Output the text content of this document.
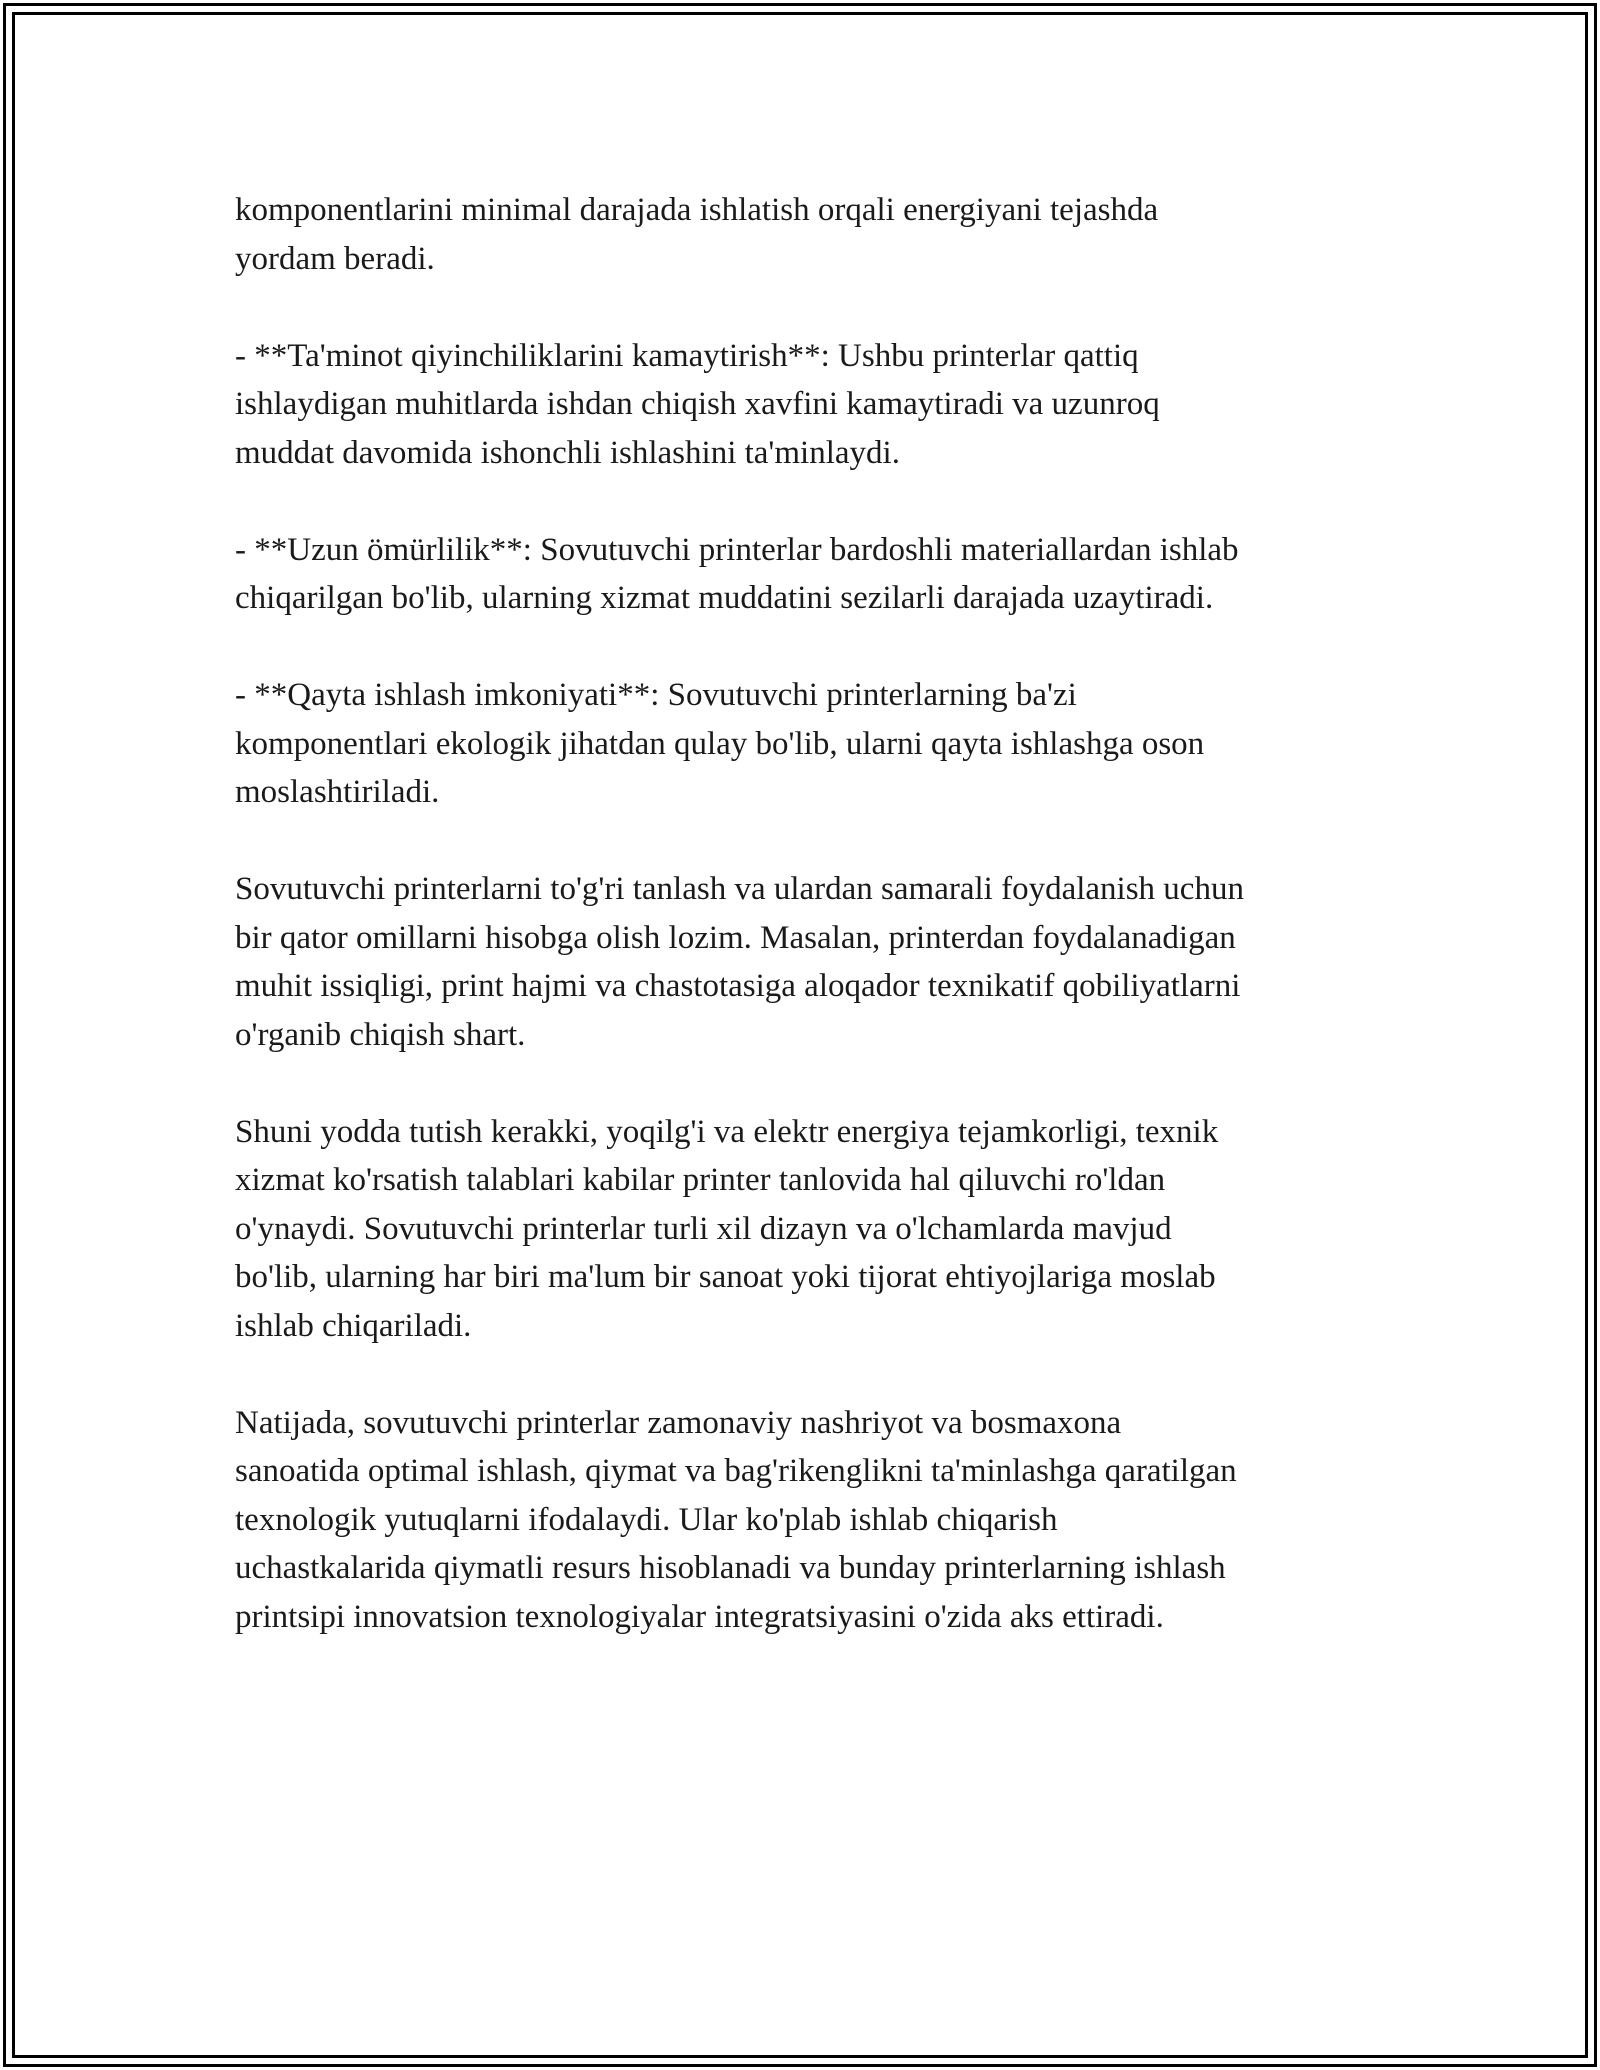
komponentlarini minimal darajada ishlatish orqali energiyani tejashda
yordam beradi.

- **Ta'minot qiyinchiliklarini kamaytirish**: Ushbu printerlar qattiq
ishlaydigan muhitlarda ishdan chiqish xavfini kamaytiradi va uzunroq
muddat davomida ishonchli ishlashini ta'minlaydi.

- **Uzun ömürlilik**: Sovutuvchi printerlar bardoshli materiallardan ishlab
chiqarilgan bo'lib, ularning xizmat muddatini sezilarli darajada uzaytiradi.

- **Qayta ishlash imkoniyati**: Sovutuvchi printerlarning ba'zi
komponentlari ekologik jihatdan qulay bo'lib, ularni qayta ishlashga oson
moslashtiriladi.

Sovutuvchi printerlarni to'g'ri tanlash va ulardan samarali foydalanish uchun
bir qator omillarni hisobga olish lozim. Masalan, printerdan foydalanadigan
muhit issiqligi, print hajmi va chastotasiga aloqador texnikatif qobiliyatlarni
o'rganib chiqish shart.

Shuni yodda tutish kerakki, yoqilg'i va elektr energiya tejamkorligi, texnik
xizmat ko'rsatish talablari kabilar printer tanlovida hal qiluvchi ro'ldan
o'ynaydi. Sovutuvchi printerlar turli xil dizayn va o'lchamlarda mavjud
bo'lib, ularning har biri ma'lum bir sanoat yoki tijorat ehtiyojlariga moslab
ishlab chiqariladi.

Natijada, sovutuvchi printerlar zamonaviy nashriyot va bosmaxona
sanoatida optimal ishlash, qiymat va bag'rikenglikni ta'minlashga qaratilgan
texnologik yutuqlarni ifodalaydi. Ular ko'plab ishlab chiqarish
uchastkalarida qiymatli resurs hisoblanadi va bunday printerlarning ishlash
printsipi innovatsion texnologiyalar integratsiyasini o'zida aks ettiradi.
